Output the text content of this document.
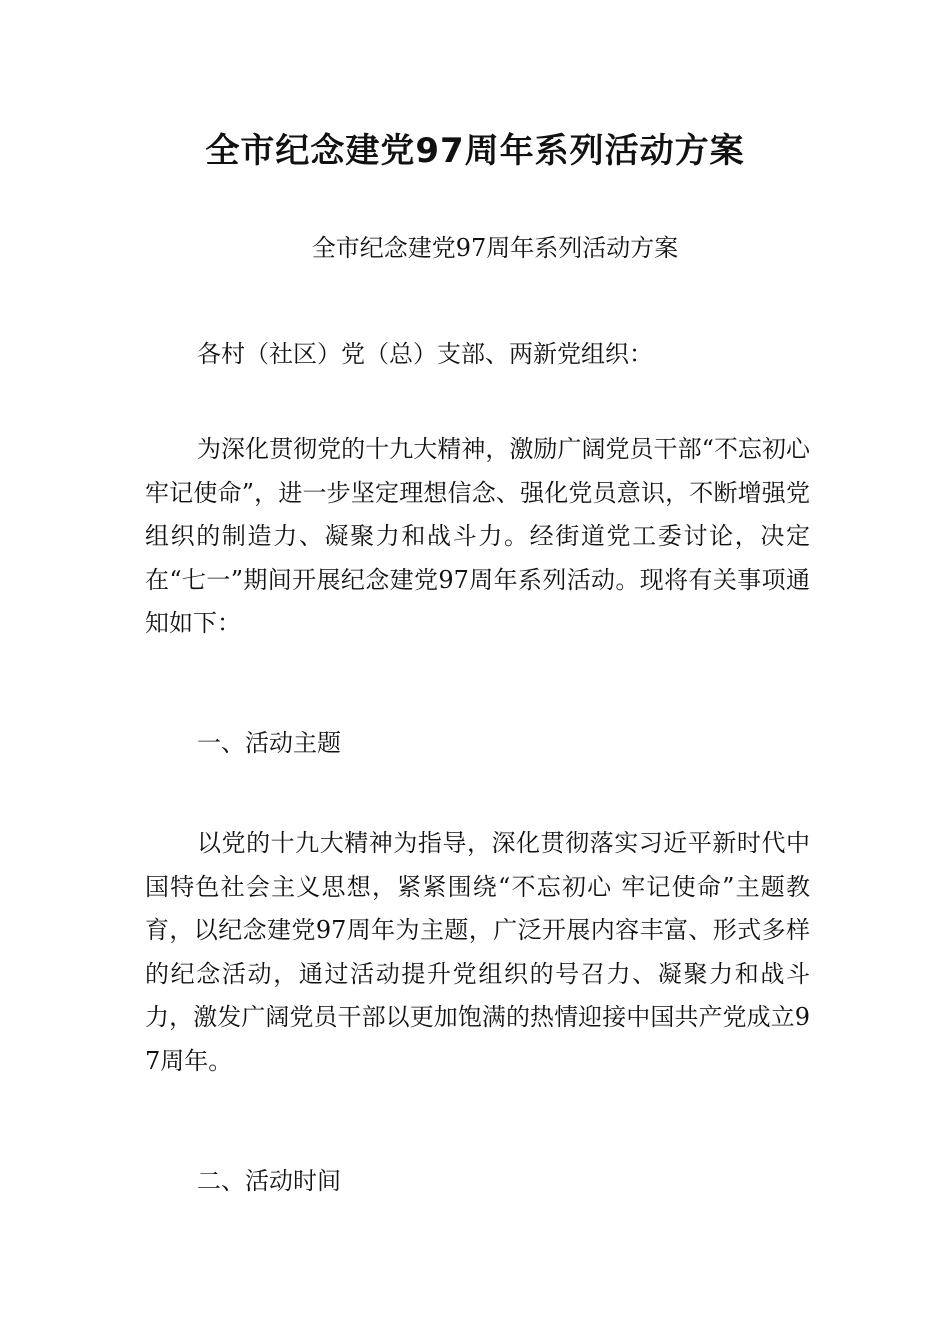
全市纪念建党97周年系列活动方案

全市纪念建党97周年系列活动方案

各村（社区）党（总）支部、两新党组织：

为深化贯彻党的十九大精神，激励广阔党员干部“不忘初心 牢记使命”，进一步坚定理想信念、强化党员意识，不断增强党组织的制造力、凝聚力和战斗力。经街道党工委讨论，决定在“七一”期间开展纪念建党97周年系列活动。现将有关事项通知如下：

一、活动主题

以党的十九大精神为指导，深化贯彻落实习近平新时代中国特色社会主义思想，紧紧围绕“不忘初心 牢记使命”主题教育，以纪念建党97周年为主题，广泛开展内容丰富、形式多样的纪念活动，通过活动提升党组织的号召力、凝聚力和战斗力，激发广阔党员干部以更加饱满的热情迎接中国共产党成立97周年。

二、活动时间
